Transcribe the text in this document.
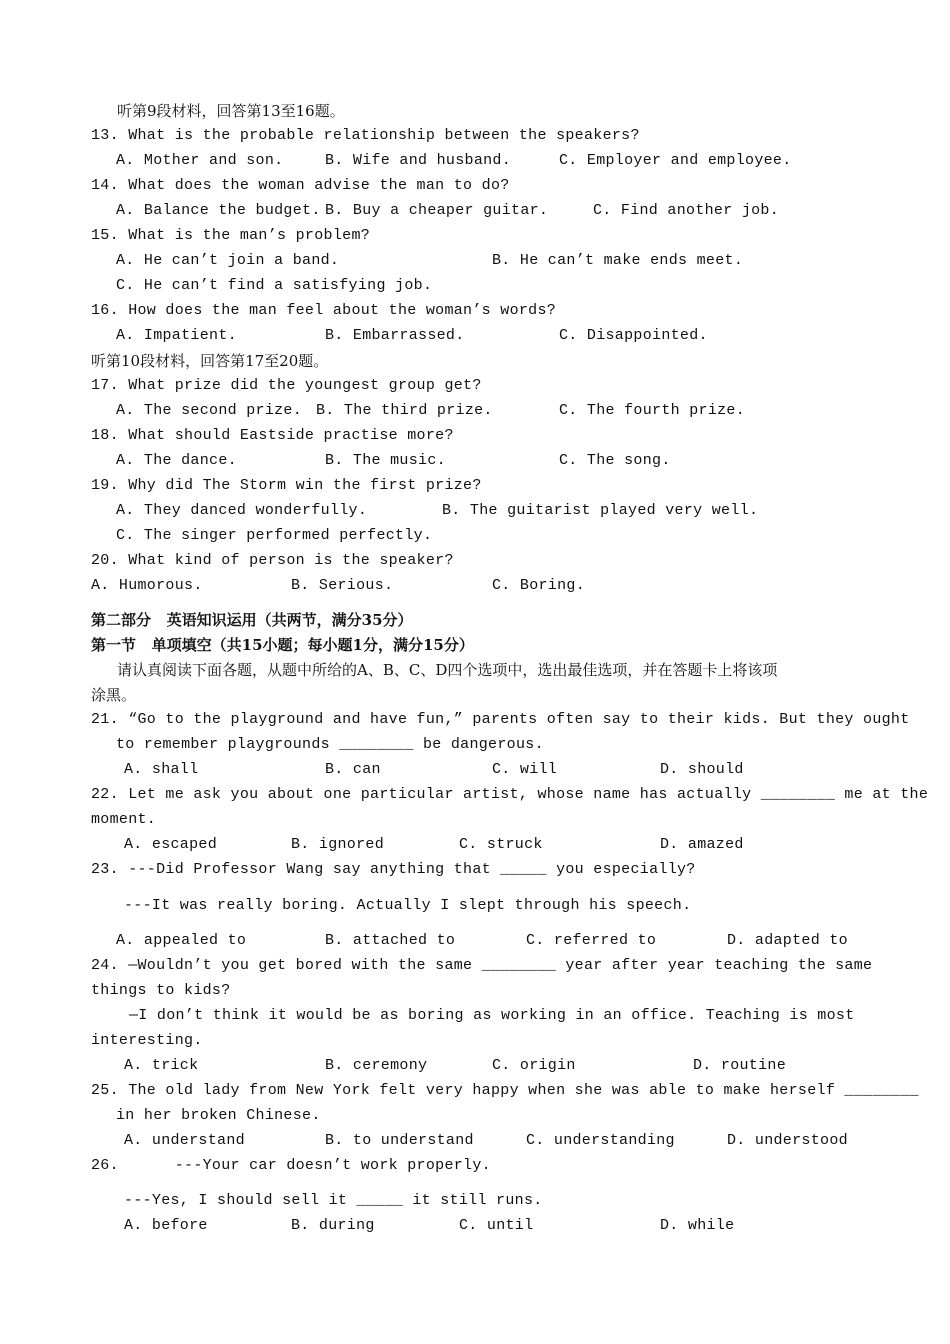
听第9段材料，回答第13至16题。
13. What is the probable relationship between the speakers?
A. Mother and son.	B. Wife and husband.	C. Employer and employee.
14. What does the woman advise the man to do?
A. Balance the budget. B. Buy a cheaper guitar.	C. Find another job.
15. What is the man’s problem?
A. He can’t join a band.	B. He can’t make ends meet.
C. He can’t find a satisfying job.
16. How does the man feel about the woman’s words?
A. Impatient.	B. Embarrassed.	C. Disappointed.
听第10段材料，回答第17至20题。
17. What prize did the youngest group get?
A. The second prize. B. The third prize.	C. The fourth prize.
18. What should Eastside practise more?
A. The dance.	B. The music.	C. The song.
19. Why did The Storm win the first prize?
A. They danced wonderfully.	B. The guitarist played very well.
C. The singer performed perfectly.
20. What kind of person is the speaker?
A. Humorous.	B. Serious.	C. Boring.
第二部分   英语知识运用（共两节，满分35分）
第一节   单项填空（共15小题；每小题1分，满分15分）
请认真阅读下面各题，从题中所给的A、B、C、D四个选项中，选出最佳选项，并在答题卡上将该项
涂黑。
21. “Go to the playground and have fun,” parents often say to their kids. But they ought
to remember playgrounds ________ be dangerous.
A. shall	B. can	C. will	D. should
22. Let me ask you about one particular artist, whose name has actually ________ me at the
moment.
A. escaped	B. ignored	C. struck	D. amazed
23. ---Did Professor Wang say anything that _____ you especially?
---It was really boring. Actually I slept through his speech.
A. appealed to	B. attached to	C. referred to	D. adapted to
24. —Wouldn’t you get bored with the same ________ year after year teaching the same
things to kids?
—I don’t think it would be as boring as working in an office. Teaching is most
interesting.
A. trick	B. ceremony	C. origin	D. routine
25. The old lady from New York felt very happy when she was able to make herself ________
in her broken Chinese.
A. understand	B. to understand	C. understanding	D. understood
26.      ---Your car doesn’t work properly.
---Yes, I should sell it _____ it still runs.
A. before	B. during	C. until	D. while
